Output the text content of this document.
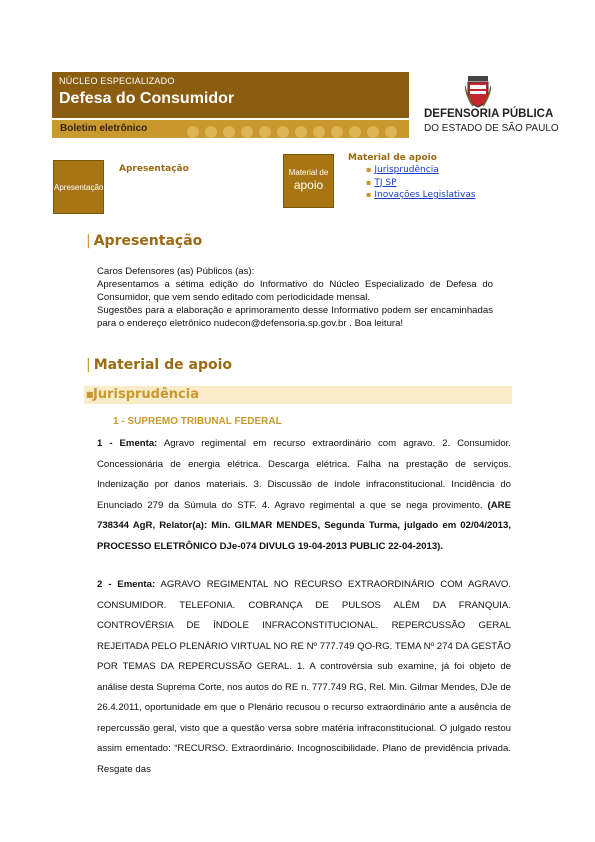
NÚCLEO ESPECIALIZADO
Defesa do Consumidor
Boletim eletrônico
DEFENSORIA PÚBLICA
DO ESTADO DE SÃO PAULO
Apresentação
Apresentação	Material de
apoio
Material de apoio
▪ Jurisprudência
▪ TJ SP
▪ Inovações Legislativas
| Apresentação

Caros Defensores (as) Públicos (as):

Apresentamos a sétima edição do Informativo do Núcleo Especializado de Defesa do Consumidor, que vem sendo editado com periodicidade mensal.

Sugestões para a elaboração e aprimoramento desse Informativo podem ser encaminhadas para o endereço eletrônico nudecon@defensoria.sp.gov.br . Boa leitura!

| Material de apoio
■ Jurisprudência
1 - SUPREMO TRIBUNAL FEDERAL
1 - Ementa: Agravo regimental em recurso extraordinário com agravo. 2. Consumidor. Concessionária de energia elétrica. Descarga elétrica. Falha na prestação de serviços. Indenização por danos materiais. 3. Discussão de índole infraconstitucional. Incidência do Enunciado 279 da Súmula do STF. 4. Agravo regimental a que se nega provimento. (ARE 738344 AgR, Relator(a): Min. GILMAR MENDES, Segunda Turma, julgado em 02/04/2013, PROCESSO ELETRÔNICO DJe-074 DIVULG 19-04-2013 PUBLIC 22-04-2013).
2 - Ementa: AGRAVO REGIMENTAL NO RECURSO EXTRAORDINÁRIO COM AGRAVO. CONSUMIDOR. TELEFONIA. COBRANÇA DE PULSOS ALÉM DA FRANQUIA. CONTROVÉRSIA DE ÍNDOLE INFRACONSTITUCIONAL. REPERCUSSÃO GERAL REJEITADA PELO PLENÁRIO VIRTUAL NO RE Nº 777.749 QO-RG. TEMA Nº 274 DA GESTÃO POR TEMAS DA REPERCUSSÃO GERAL. 1. A controvérsia sub examine, já foi objeto de análise desta Suprema Corte, nos autos do RE n. 777.749 RG, Rel. Min. Gilmar Mendes, DJe de 26.4.2011, oportunidade em que o Plenário recusou o recurso extraordinário ante a ausência de repercussão geral, visto que a questão versa sobre matéria infraconstitucional. O julgado restou assim ementado: “RECURSO. Extraordinário. Incognoscibilidade. Plano de previdência privada. Resgate das
